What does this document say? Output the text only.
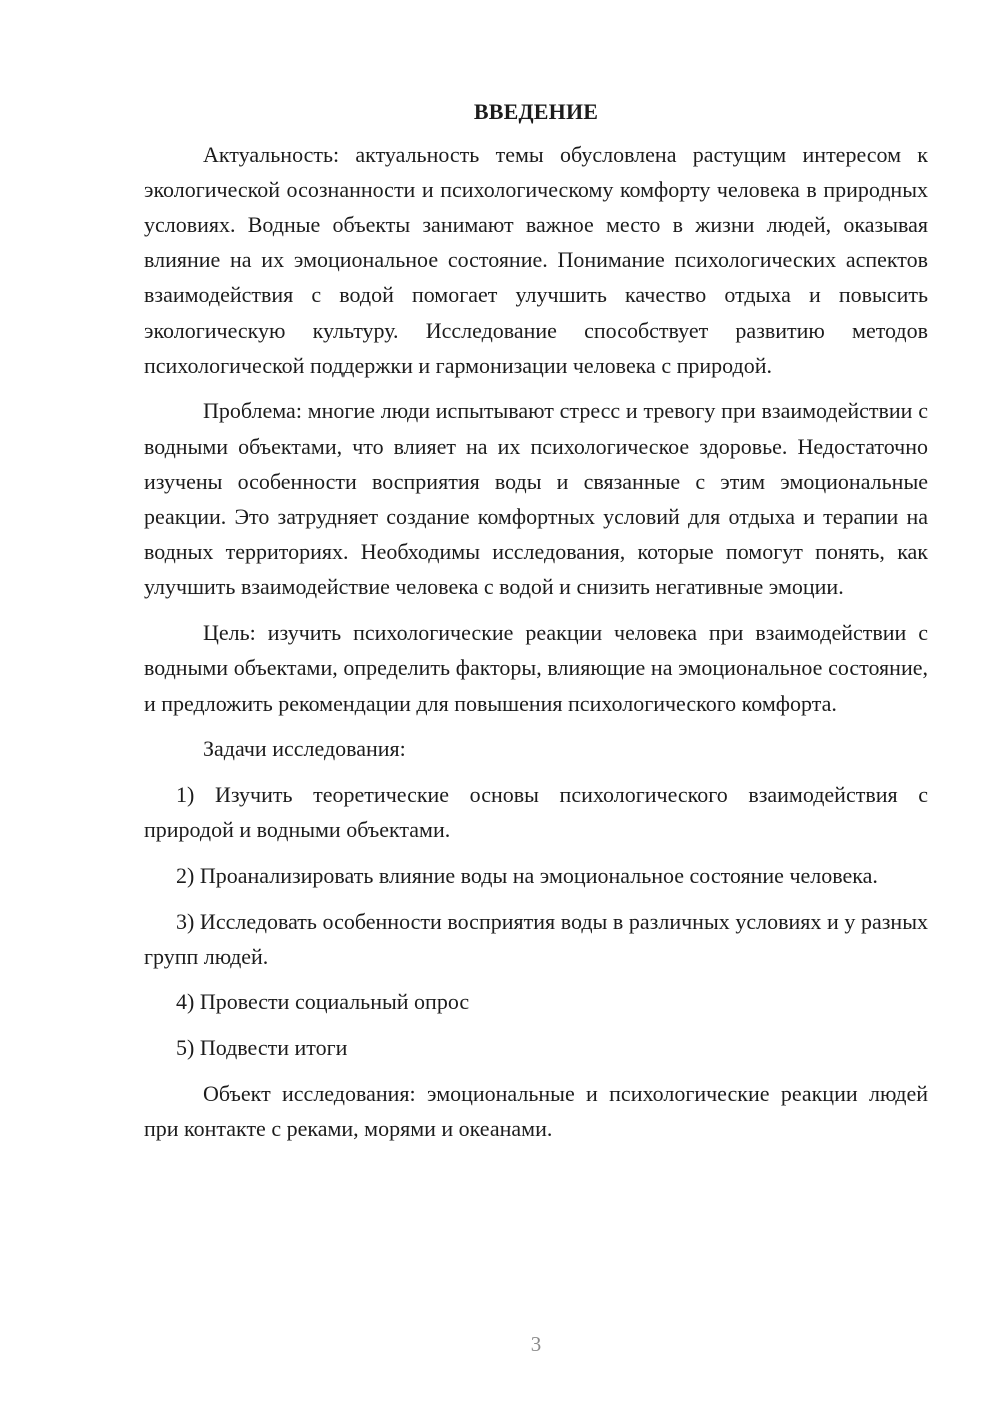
ВВЕДЕНИЕ

Актуальность: актуальность темы обусловлена растущим интересом к экологической осознанности и психологическому комфорту человека в природных условиях. Водные объекты занимают важное место в жизни людей, оказывая влияние на их эмоциональное состояние. Понимание психологических аспектов взаимодействия с водой помогает улучшить качество отдыха и повысить экологическую культуру. Исследование способствует развитию методов психологической поддержки и гармонизации человека с природой.

Проблема: многие люди испытывают стресс и тревогу при взаимодействии с водными объектами, что влияет на их психологическое здоровье. Недостаточно изучены особенности восприятия воды и связанные с этим эмоциональные реакции. Это затрудняет создание комфортных условий для отдыха и терапии на водных территориях. Необходимы исследования, которые помогут понять, как улучшить взаимодействие человека с водой и снизить негативные эмоции.

Цель: изучить психологические реакции человека при взаимодействии с водными объектами, определить факторы, влияющие на эмоциональное состояние, и предложить рекомендации для повышения психологического комфорта.

Задачи исследования:

1) Изучить теоретические основы психологического взаимодействия с природой и водными объектами.

2) Проанализировать влияние воды на эмоциональное состояние человека.

3) Исследовать особенности восприятия воды в различных условиях и у разных групп людей.

4) Провести социальный опрос

5) Подвести итоги

Объект исследования: эмоциональные и психологические реакции людей при контакте с реками, морями и океанами.

3
